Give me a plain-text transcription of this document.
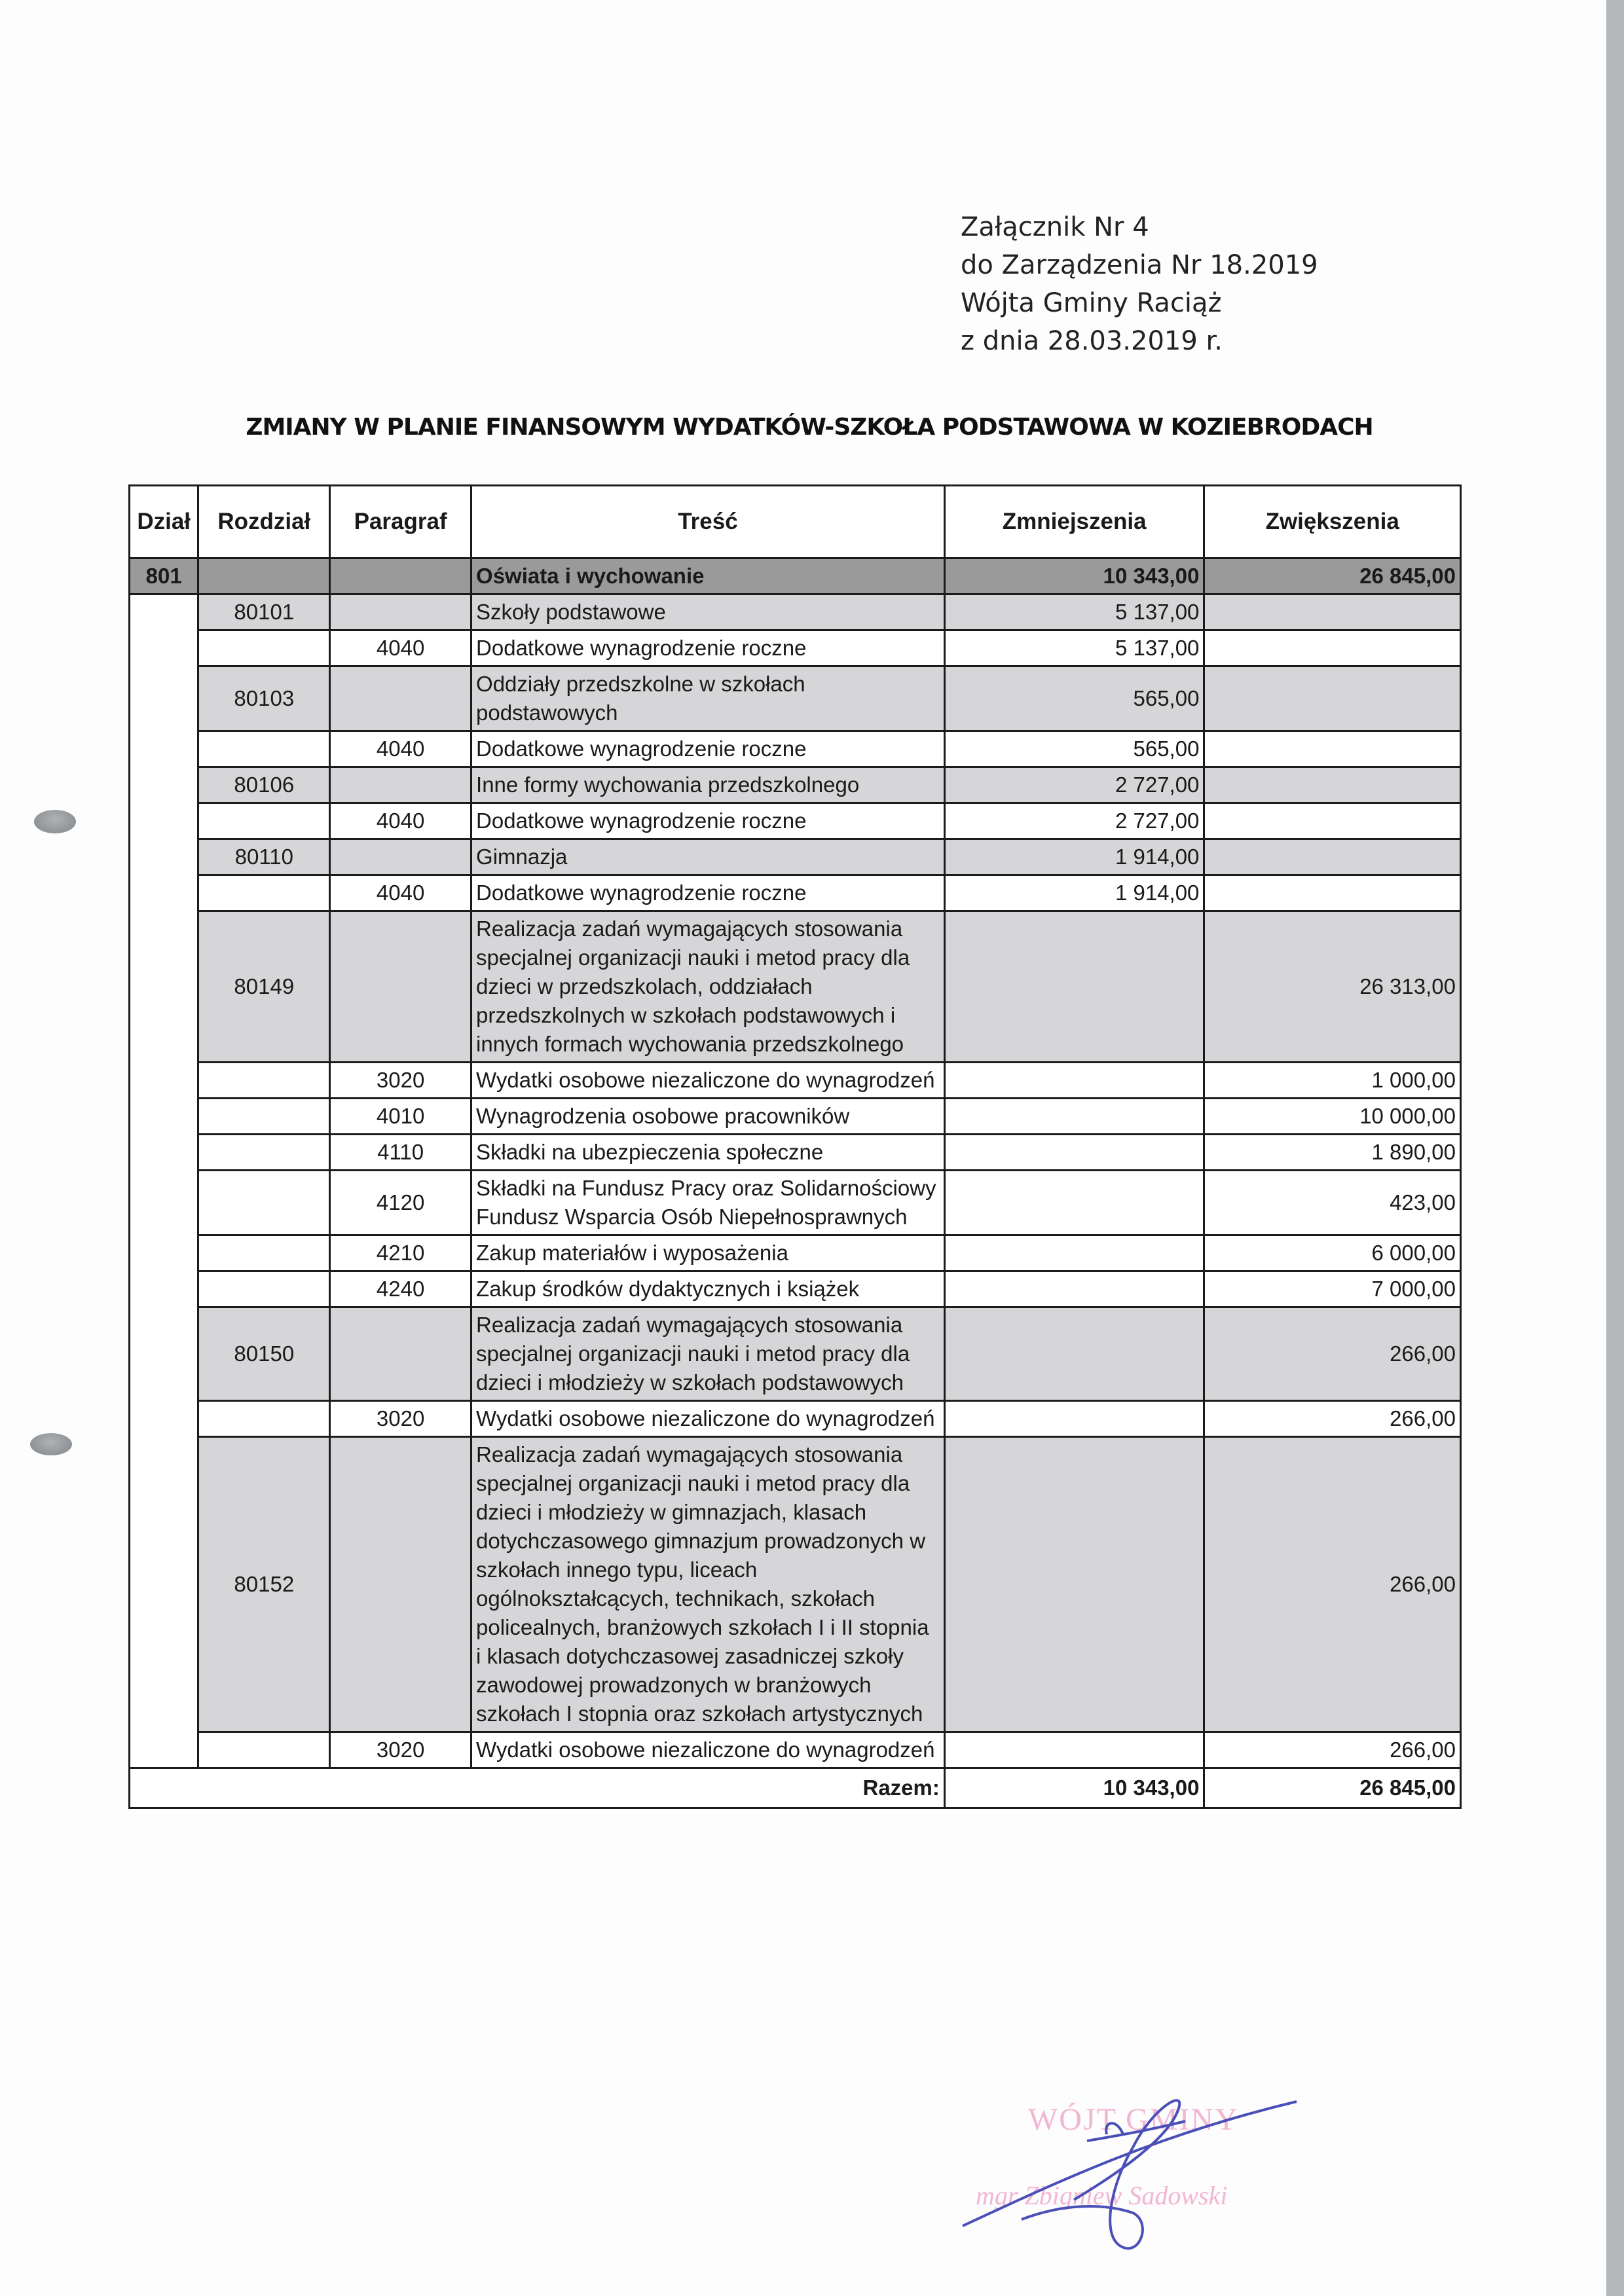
Załącznik Nr 4
do Zarządzenia Nr 18.2019
Wójta Gminy Raciąż
z dnia 28.03.2019 r.
ZMIANY W PLANIE FINANSOWYM WYDATKÓW-SZKOŁA PODSTAWOWA W KOZIEBRODACH
Dział	Rozdział	Paragraf	Treść	Zmniejszenia	Zwiększenia
801			Oświata i wychowanie	10 343,00	26 845,00
	80101		Szkoły podstawowe	5 137,00	
		4040	Dodatkowe wynagrodzenie roczne	5 137,00	
	80103		Oddziały przedszkolne w szkołach podstawowych	565,00	
		4040	Dodatkowe wynagrodzenie roczne	565,00	
	80106		Inne formy wychowania przedszkolnego	2 727,00	
		4040	Dodatkowe wynagrodzenie roczne	2 727,00	
	80110		Gimnazja	1 914,00	
		4040	Dodatkowe wynagrodzenie roczne	1 914,00	
	80149		Realizacja zadań wymagających stosowania specjalnej organizacji nauki i metod pracy dla dzieci w przedszkolach, oddziałach przedszkolnych w szkołach podstawowych i innych formach wychowania przedszkolnego		26 313,00
		3020	Wydatki osobowe niezaliczone do wynagrodzeń		1 000,00
		4010	Wynagrodzenia osobowe pracowników		10 000,00
		4110	Składki na ubezpieczenia społeczne		1 890,00
		4120	Składki na Fundusz Pracy oraz Solidarnościowy Fundusz Wsparcia Osób Niepełnosprawnych		423,00
		4210	Zakup materiałów i wyposażenia		6 000,00
		4240	Zakup środków dydaktycznych i książek		7 000,00
	80150		Realizacja zadań wymagających stosowania specjalnej organizacji nauki i metod pracy dla dzieci i młodzieży w szkołach podstawowych		266,00
		3020	Wydatki osobowe niezaliczone do wynagrodzeń		266,00
	80152		Realizacja zadań wymagających stosowania specjalnej organizacji nauki i metod pracy dla dzieci i młodzieży w gimnazjach, klasach dotychczasowego gimnazjum prowadzonych w szkołach innego typu, liceach ogólnokształcących, technikach, szkołach policealnych, branżowych szkołach I i II stopnia i klasach dotychczasowej zasadniczej szkoły zawodowej prowadzonych w branżowych szkołach I stopnia oraz szkołach artystycznych		266,00
		3020	Wydatki osobowe niezaliczone do wynagrodzeń		266,00
Razem:				10 343,00	26 845,00
WÓJT GMINY
mgr Zbigniew Sadowski
